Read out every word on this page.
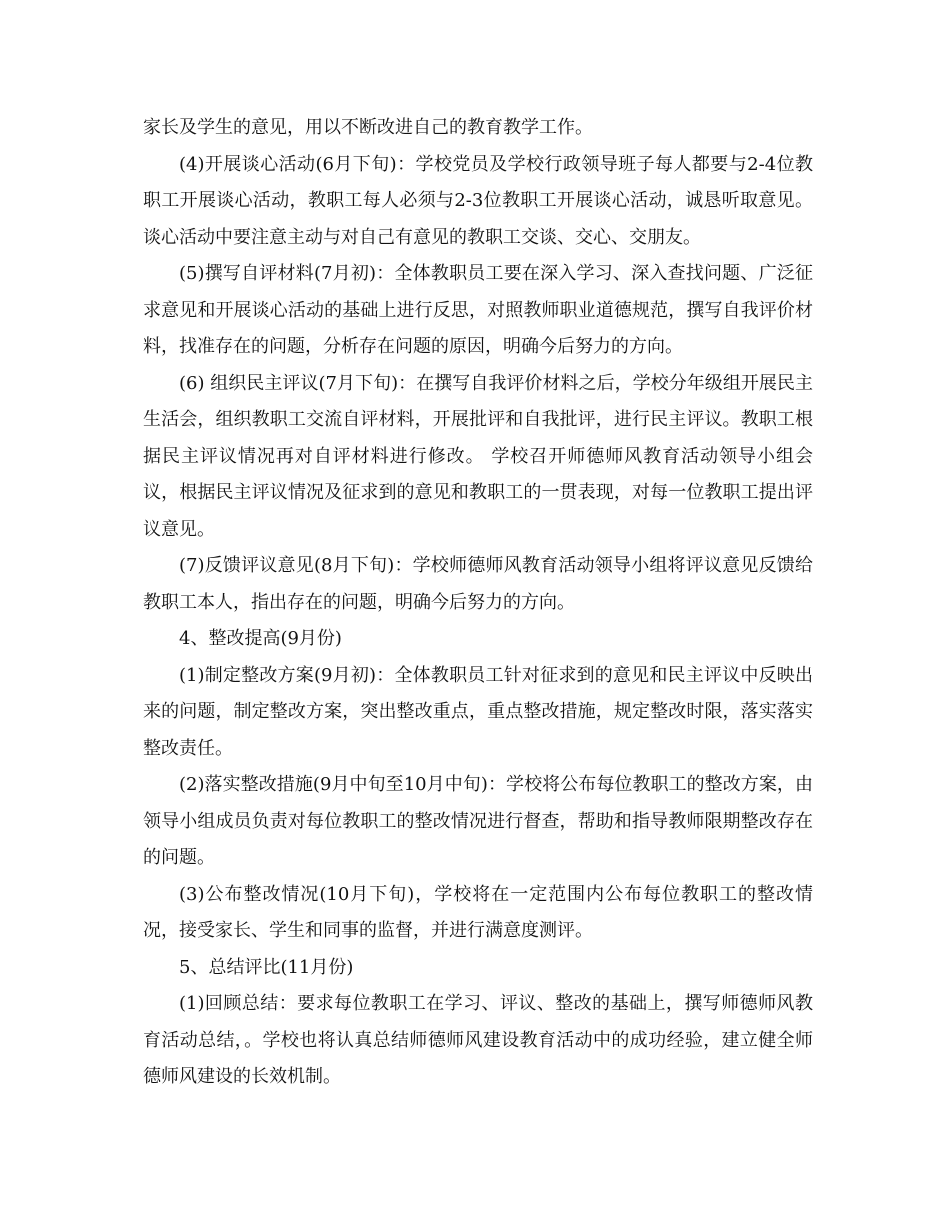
家长及学生的意见，用以不断改进自己的教育教学工作。

(4)开展谈心活动(6月下旬)：学校党员及学校行政领导班子每人都要与2-4位教职工开展谈心活动，教职工每人必须与2-3位教职工开展谈心活动，诚恳听取意见。谈心活动中要注意主动与对自己有意见的教职工交谈、交心、交朋友。

(5)撰写自评材料(7月初)：全体教职员工要在深入学习、深入查找问题、广泛征求意见和开展谈心活动的基础上进行反思，对照教师职业道德规范，撰写自我评价材料，找准存在的问题，分析存在问题的原因，明确今后努力的方向。

(6) 组织民主评议(7月下旬)：在撰写自我评价材料之后，学校分年级组开展民主生活会，组织教职工交流自评材料，开展批评和自我批评，进行民主评议。教职工根 据民主评议情况再对自评材料进行修改。 学校召开师德师风教育活动领导小组会议，根据民主评议情况及征求到的意见和教职工的一贯表现，对每一位教职工提出评议意见。

(7)反馈评议意见(8月下旬)：学校师德师风教育活动领导小组将评议意见反馈给教职工本人，指出存在的问题，明确今后努力的方向。

4、整改提高(9月份)

(1)制定整改方案(9月初)：全体教职员工针对征求到的意见和民主评议中反映出来的问题，制定整改方案，突出整改重点，重点整改措施，规定整改时限，落实落实整改责任。

(2)落实整改措施(9月中旬至10月中旬)：学校将公布每位教职工的整改方案，由领导小组成员负责对每位教职工的整改情况进行督查，帮助和指导教师限期整改存在的问题。

(3)公布整改情况(10月下旬)，学校将在一定范围内公布每位教职工的整改情况，接受家长、学生和同事的监督，并进行满意度测评。

5、总结评比(11月份)

(1)回顾总结：要求每位教职工在学习、评议、整改的基础上，撰写师德师风教育活动总结，。学校也将认真总结师德师风建设教育活动中的成功经验，建立健全师德师风建设的长效机制。
